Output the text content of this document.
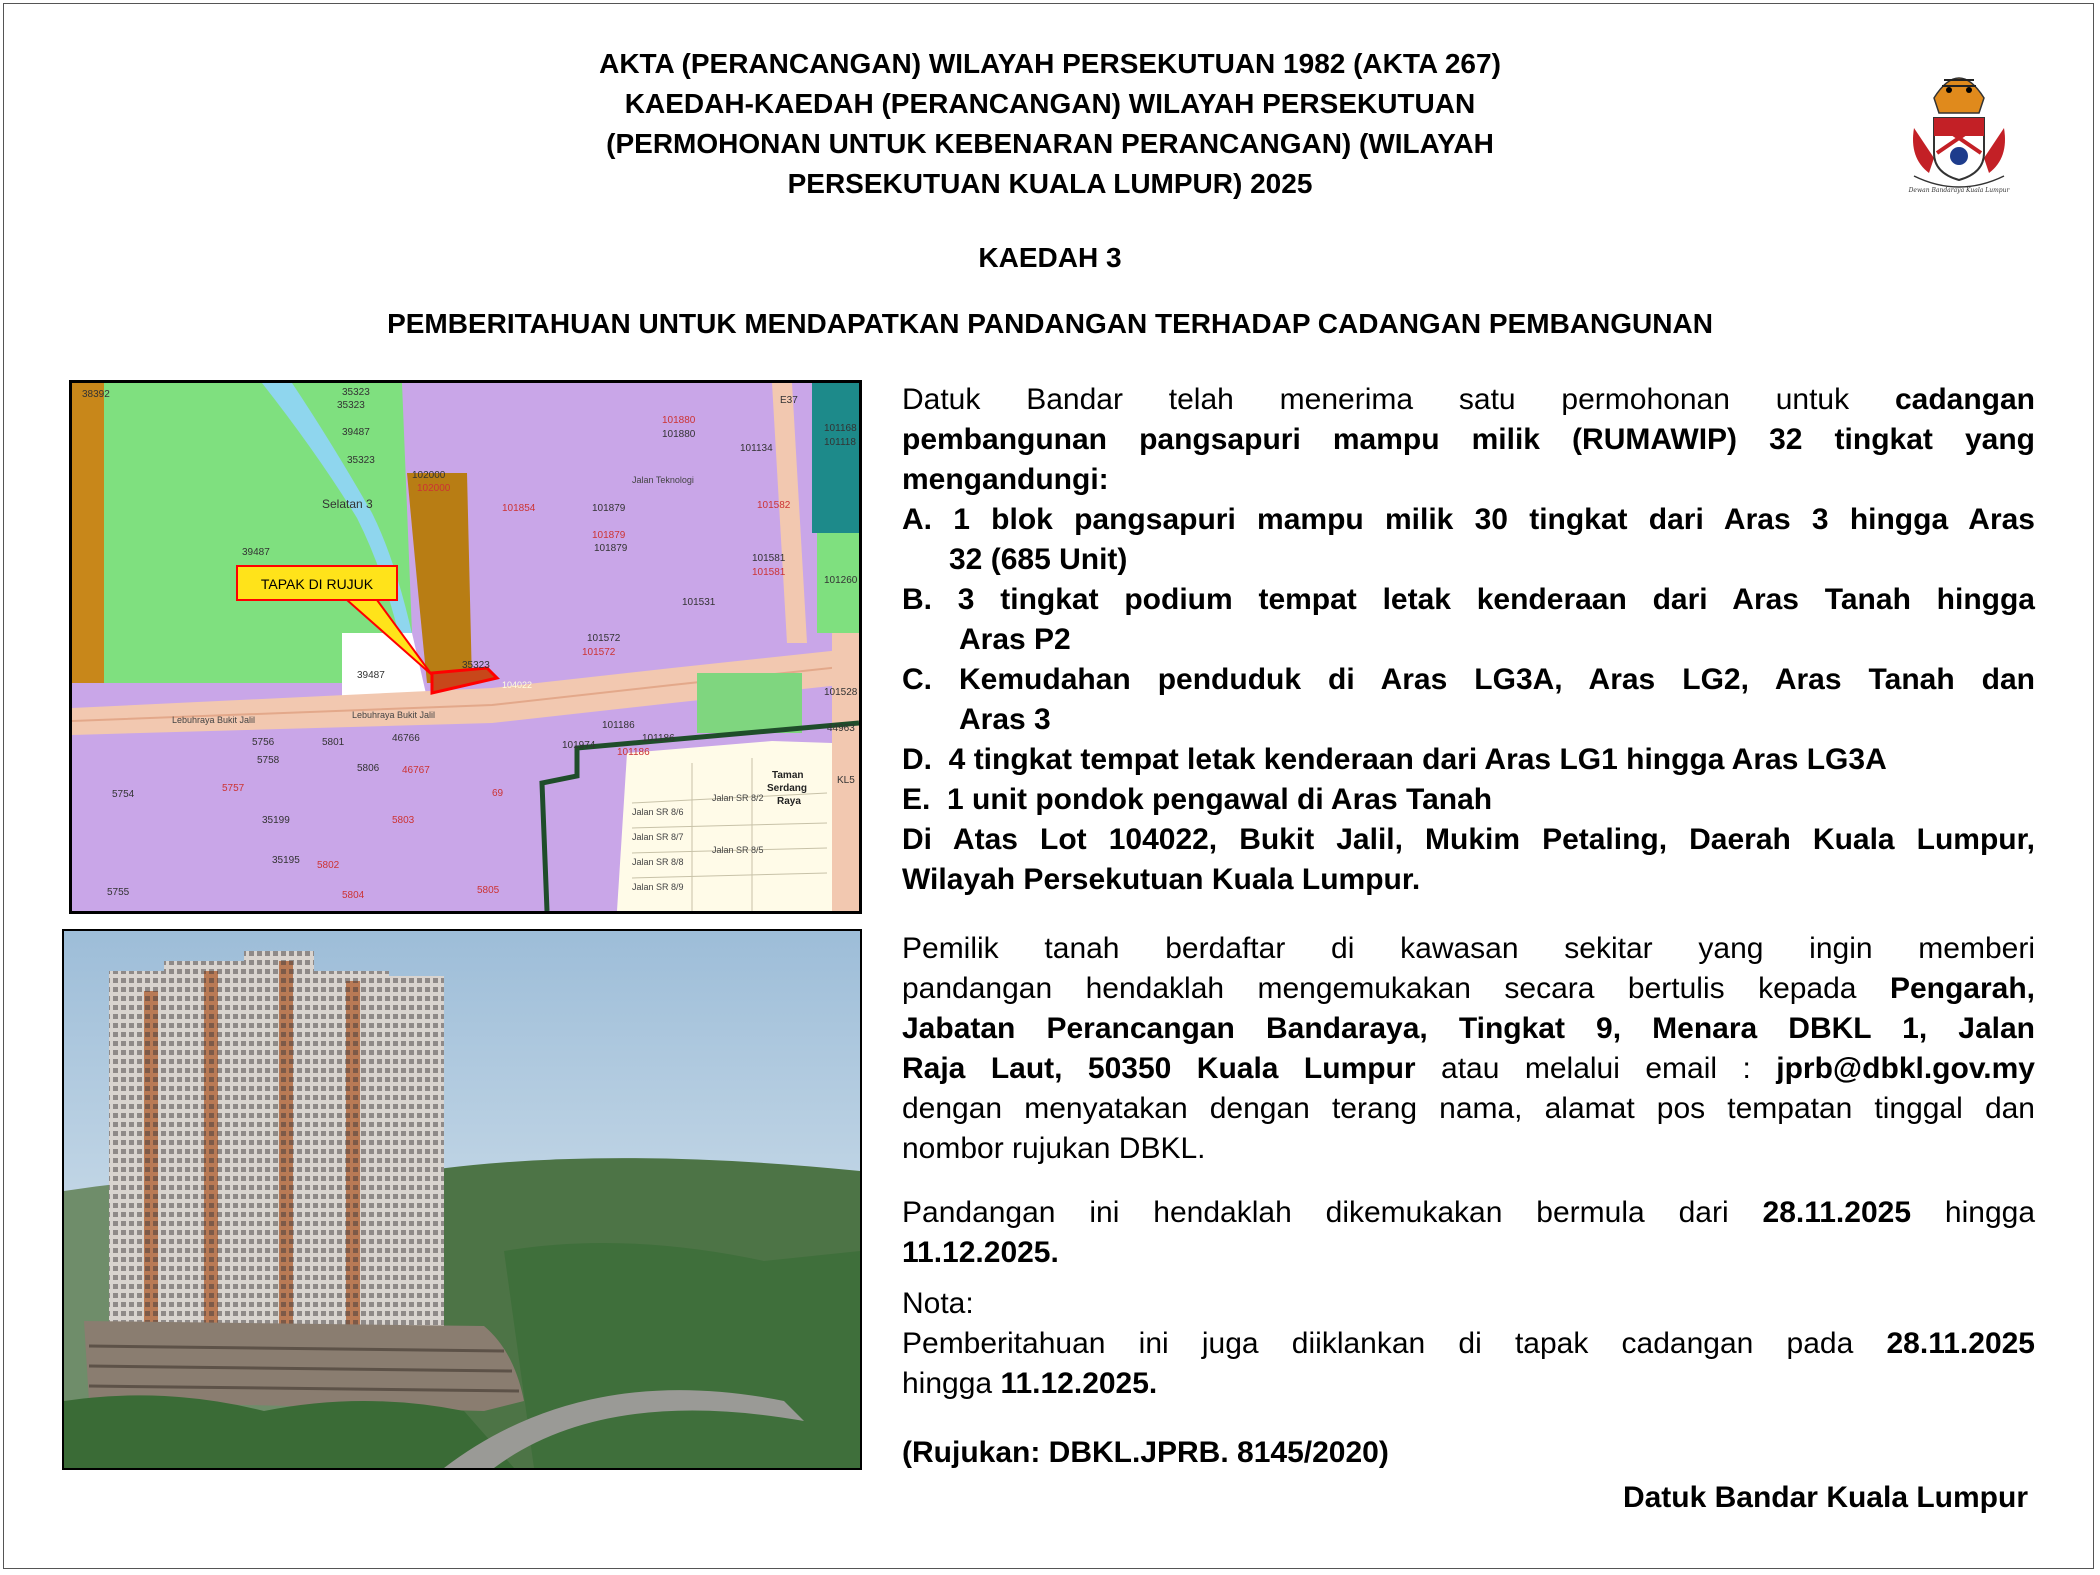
AKTA (PERANCANGAN) WILAYAH PERSEKUTUAN 1982 (AKTA 267)
KAEDAH-KAEDAH (PERANCANGAN) WILAYAH PERSEKUTUAN
(PERMOHONAN UNTUK KEBENARAN PERANCANGAN) (WILAYAH
PERSEKUTUAN KUALA LUMPUR) 2025
KAEDAH 3
PEMBERITAHUAN UNTUK MENDAPATKAN PANDANGAN TERHADAP CADANGAN PEMBANGUNAN
Dewan Bandaraya Kuala Lumpur
TAPAK DI RUJUK
38392	35323
35323
39487
35323
102000
102000
Selatan 3
39487
101880
101880
101134
101854	101879
101879
101879
101582
101581
101581
101531
101572
101572
35323
39487
104022
101186
101186
101186
101974
5756	5801	46766
46767
5758
5806
5754
5757
35199	5803
69
5755
5802
5804	5805
35195
101260
101528
44963
101168
101118
E37
KL5
Taman
Serdang
Raya
Jalan SR 8/6
Jalan SR 8/7
Jalan SR 8/8
Jalan SR 8/9
Jalan SR 8/2
Jalan SR 8/5
Lebuhraya Bukit Jalil	Lebuhraya Bukit Jalil
Jalan Teknologi
Datuk Bandar telah menerima satu permohonan untuk cadangan
pembangunan pangsapuri mampu milik (RUMAWIP) 32 tingkat yang
mengandungi:
A. 1 blok pangsapuri mampu milik 30 tingkat dari Aras 3 hingga Aras
32 (685 Unit)
B. 3 tingkat podium tempat letak kenderaan dari Aras Tanah hingga
Aras P2
C. Kemudahan penduduk di Aras LG3A, Aras LG2, Aras Tanah dan
Aras 3
D. 4 tingkat tempat letak kenderaan dari Aras LG1 hingga Aras LG3A
E. 1 unit pondok pengawal di Aras Tanah
Di Atas Lot 104022, Bukit Jalil, Mukim Petaling, Daerah Kuala Lumpur,
Wilayah Persekutuan Kuala Lumpur.
Pemilik tanah berdaftar di kawasan sekitar yang ingin memberi
pandangan hendaklah mengemukakan secara bertulis kepada Pengarah,
Jabatan Perancangan Bandaraya, Tingkat 9, Menara DBKL 1, Jalan
Raja Laut, 50350 Kuala Lumpur atau melalui email : jprb@dbkl.gov.my
dengan menyatakan dengan terang nama, alamat pos tempatan tinggal dan
nombor rujukan DBKL.
Pandangan ini hendaklah dikemukakan bermula dari 28.11.2025 hingga
11.12.2025.
Nota:
Pemberitahuan ini juga diiklankan di tapak cadangan pada 28.11.2025
hingga 11.12.2025.
(Rujukan: DBKL.JPRB. 8145/2020)
Datuk Bandar Kuala Lumpur
